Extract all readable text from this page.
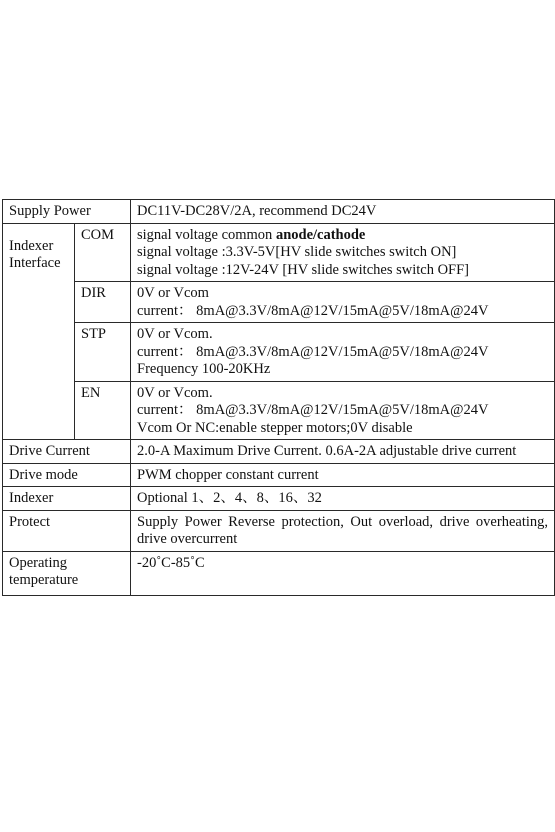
Supply Power		DC11V-DC28V/2A, recommend DC24V
Indexer Interface	COM	signal voltage common anode/cathode
signal voltage :3.3V-5V[HV slide switches switch ON]
signal voltage :12V-24V [HV slide switches switch OFF]

	DIR	0V or Vcom
current： 8mA@3.3V/8mA@12V/15mA@5V/18mA@24V

	STP	0V or Vcom.
current： 8mA@3.3V/8mA@12V/15mA@5V/18mA@24V
Frequency 100-20KHz

	EN	0V or Vcom.
current： 8mA@3.3V/8mA@12V/15mA@5V/18mA@24V
Vcom Or NC:enable stepper motors;0V disable

Drive Current		2.0-A Maximum Drive Current. 0.6A-2A adjustable drive current
Drive mode		PWM chopper constant current
Indexer		Optional 1、2、4、8、16、32
Protect		Supply Power Reverse protection, Out overload, drive overheating, drive overcurrent
Operating temperature		-20˚C-85˚C
